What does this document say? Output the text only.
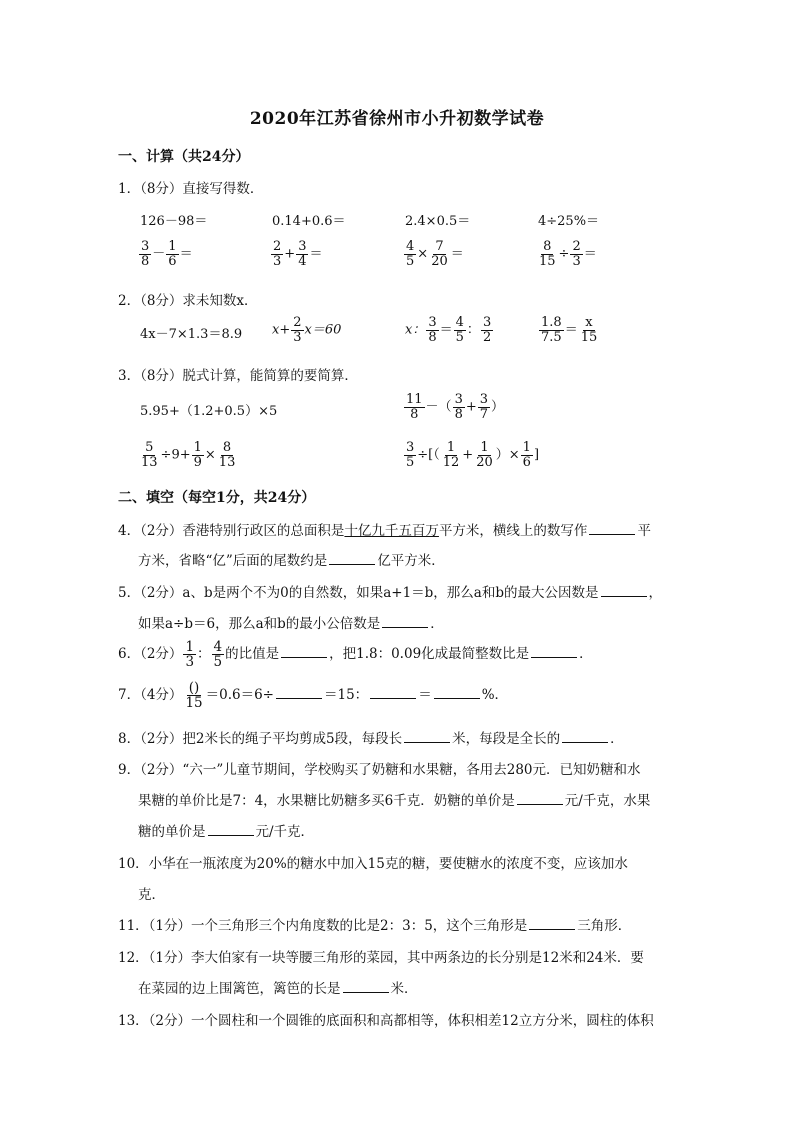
2020年江苏省徐州市小升初数学试卷
一、计算（共24分）
1．（8分）直接写得数．
126－98＝	0.14+0.6＝	2.4×0.5＝	4÷25%＝
$\frac{3}{8} - \frac{1}{6}$ ＝	$\frac{2}{3} + \frac{3}{4}$ ＝	$\frac{4}{5} \times \frac{7}{20}$ ＝	$\frac{8}{15} \div \frac{2}{3}$ ＝
2．（8分）求未知数x．
4x－7×1.3＝8.9 $x+ \frac{2}{3} x=60$	x： $\frac{3}{8} = \frac{4}{5}$ ： $\frac{3}{2}$	$\frac{1.8}{7.5} = \frac{x}{15}$
3．（8分）脱式计算，能简算的要简算．
5.95+（1.2+0.5）×5	$\frac{11}{8}$ －（ $\frac{3}{8} + \frac{3}{7}$ ）
$\frac{5}{13} \div 9+ \frac{1}{9} \times \frac{8}{13}$	$\frac{3}{5}$ ÷[（ $\frac{1}{12} + \frac{1}{20}$ ）× $\frac{1}{6}$ ]
二、填空（每空1分，共24分）
4．（2分）香港特别行政区的总面积是十亿九千五百万平方米，横线上的数写作	平
方米，省略“亿”后面的尾数约是	亿平方米．
5．（2分）a、b是两个不为0的自然数，如果a+1＝b，那么a和b的最大公因数是	，
如果a÷b＝6，那么a和b的最小公倍数是	．
6．（2分） $\frac{1}{3}$ ： $\frac{4}{5}$ 的比值是	，把1.8：0.09化成最简整数比是	．
7．（4分） $\frac{()}{15} =0.6=6\div$	＝15：	＝	%．
8．（2分）把2米长的绳子平均剪成5段，每段长	米，每段是全长的	．
9．（2分）“六一”儿童节期间，学校购买了奶糖和水果糖，各用去280元．已知奶糖和水
果糖的单价比是7：4，水果糖比奶糖多买6千克．奶糖的单价是	元/千克，水果
糖的单价是	元/千克．
10．小华在一瓶浓度为20%的糖水中加入15克的糖，要使糖水的浓度不变，应该加水
克．
11．（1分）一个三角形三个内角度数的比是2：3：5，这个三角形是	三角形．
12．（1分）李大伯家有一块等腰三角形的菜园，其中两条边的长分别是12米和24米．要
在菜园的边上围篱笆，篱笆的长是	米．
13．（2分）一个圆柱和一个圆锥的底面积和高都相等，体积相差12立方分米，圆柱的体积
